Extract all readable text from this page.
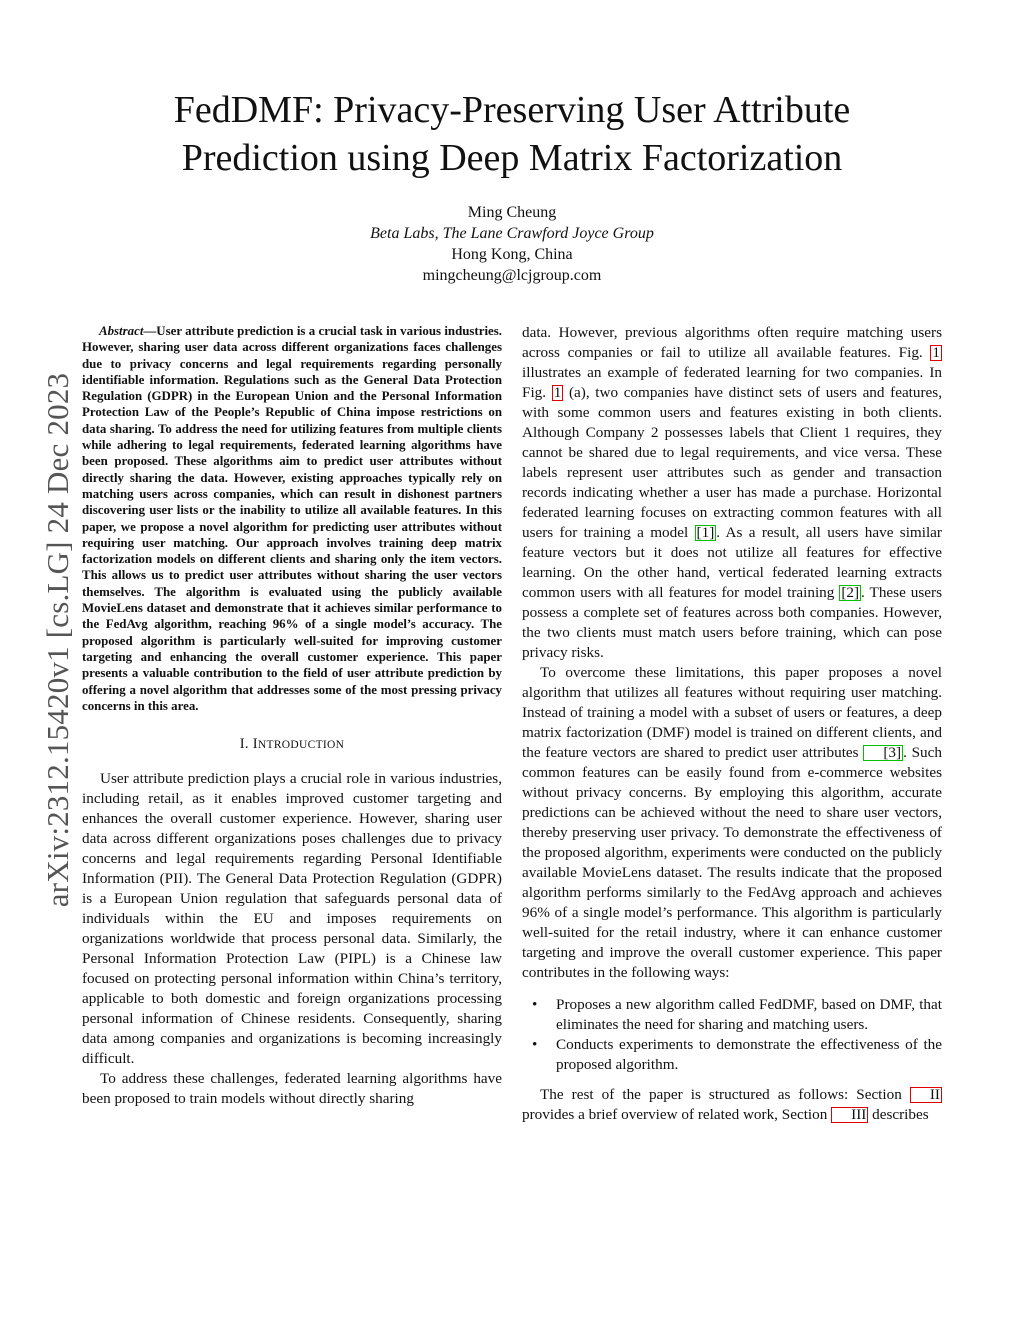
arXiv:2312.15420v1 [cs.LG] 24 Dec 2023
FedDMF: Privacy-Preserving User Attribute
Prediction using Deep Matrix Factorization
Ming Cheung
Beta Labs, The Lane Crawford Joyce Group
Hong Kong, China
mingcheung@lcjgroup.com

Abstract—User attribute prediction is a crucial task in various industries. However, sharing user data across different organizations faces challenges due to privacy concerns and legal requirements regarding personally identifiable information. Regulations such as the General Data Protection Regulation (GDPR) in the European Union and the Personal Information Protection Law of the People’s Republic of China impose restrictions on data sharing. To address the need for utilizing features from multiple clients while adhering to legal requirements, federated learning algorithms have been proposed. These algorithms aim to predict user attributes without directly sharing the data. However, existing approaches typically rely on matching users across companies, which can result in dishonest partners discovering user lists or the inability to utilize all available features. In this paper, we propose a novel algorithm for predicting user attributes without requiring user matching. Our approach involves training deep matrix factorization models on different clients and sharing only the item vectors. This allows us to predict user attributes without sharing the user vectors themselves. The algorithm is evaluated using the publicly available MovieLens dataset and demonstrate that it achieves similar performance to the FedAvg algorithm, reaching 96% of a single model’s accuracy. The proposed algorithm is particularly well-suited for improving customer targeting and enhancing the overall customer experience. This paper presents a valuable contribution to the field of user attribute prediction by offering a novel algorithm that addresses some of the most pressing privacy concerns in this area.

I. INTRODUCTION

User attribute prediction plays a crucial role in various industries, including retail, as it enables improved customer targeting and enhances the overall customer experience. However, sharing user data across different organizations poses challenges due to privacy concerns and legal requirements regarding Personal Identifiable Information (PII). The General Data Protection Regulation (GDPR) is a European Union regulation that safeguards personal data of individuals within the EU and imposes requirements on organizations worldwide that process personal data. Similarly, the Personal Information Protection Law (PIPL) is a Chinese law focused on protecting personal information within China’s territory, applicable to both domestic and foreign organizations processing personal information of Chinese residents. Consequently, sharing data among companies and organizations is becoming increasingly difficult.

To address these challenges, federated learning algorithms have been proposed to train models without directly sharing

data. However, previous algorithms often require matching users across companies or fail to utilize all available features. Fig. 1 illustrates an example of federated learning for two companies. In Fig. 1 (a), two companies have distinct sets of users and features, with some common users and features existing in both clients. Although Company 2 possesses labels that Client 1 requires, they cannot be shared due to legal requirements, and vice versa. These labels represent user attributes such as gender and transaction records indicating whether a user has made a purchase. Horizontal federated learning focuses on extracting common features with all users for training a model [1] . As a result, all users have similar feature vectors but it does not utilize all features for effective learning. On the other hand, vertical federated learning extracts common users with all features for model training [2] . These users possess a complete set of features across both companies. However, the two clients must match users before training, which can pose privacy risks.

To overcome these limitations, this paper proposes a novel algorithm that utilizes all features without requiring user matching. Instead of training a model with a subset of users or features, a deep matrix factorization (DMF) model is trained on different clients, and the feature vectors are shared to predict user attributes [3] . Such common features can be easily found from e-commerce websites without privacy concerns. By employing this algorithm, accurate predictions can be achieved without the need to share user vectors, thereby preserving user privacy. To demonstrate the effectiveness of the proposed algorithm, experiments were conducted on the publicly available MovieLens dataset. The results indicate that the proposed algorithm performs similarly to the FedAvg approach and achieves 96% of a single model’s performance. This algorithm is particularly well-suited for the retail industry, where it can enhance customer targeting and improve the overall customer experience. This paper contributes in the following ways:

• Proposes a new algorithm called FedDMF, based on DMF, that eliminates the need for sharing and matching users.
• Conducts experiments to demonstrate the effectiveness of the proposed algorithm.

The rest of the paper is structured as follows: Section II provides a brief overview of related work, Section III describes
